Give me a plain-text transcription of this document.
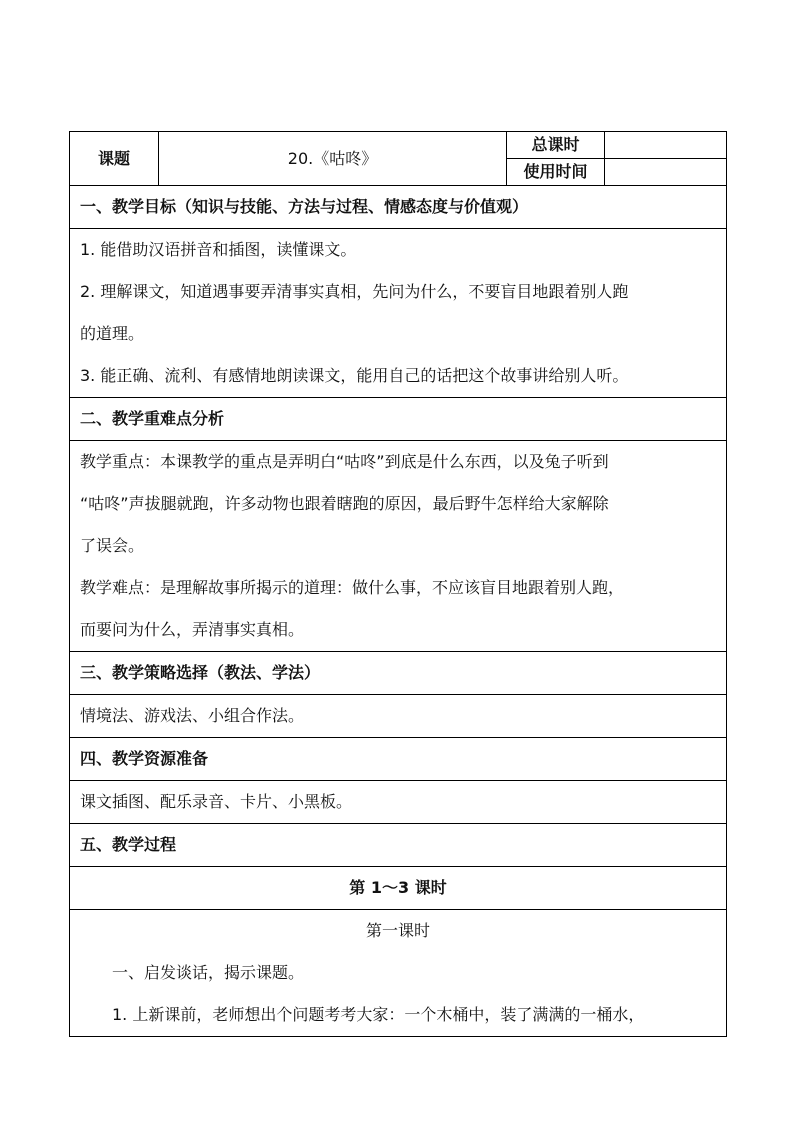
课题	20.《咕咚》	总课时	
		使用时间	
一、教学目标（知识与技能、方法与过程、情感态度与价值观）			

1. 能借助汉语拼音和插图，读懂课文。

2. 理解课文，知道遇事要弄清事实真相，先问为什么，不要盲目地跟着别人跑

的道理。

3. 能正确、流利、有感情地朗读课文，能用自己的话把这个故事讲给别人听。			

二、教学重难点分析			

教学重点：本课教学的重点是弄明白“咕咚”到底是什么东西，以及兔子听到

“咕咚”声拔腿就跑，许多动物也跟着瞎跑的原因，最后野牛怎样给大家解除

了误会。

教学难点：是理解故事所揭示的道理：做什么事，不应该盲目地跟着别人跑，

而要问为什么，弄清事实真相。			

三、教学策略选择（教法、学法）			

情境法、游戏法、小组合作法。			

四、教学资源准备			

课文插图、配乐录音、卡片、小黑板。			

五、教学过程			
第 1～3 课时			

第一课时

一、启发谈话，揭示课题。

1. 上新课前，老师想出个问题考考大家：一个木桶中，装了满满的一桶水，			
